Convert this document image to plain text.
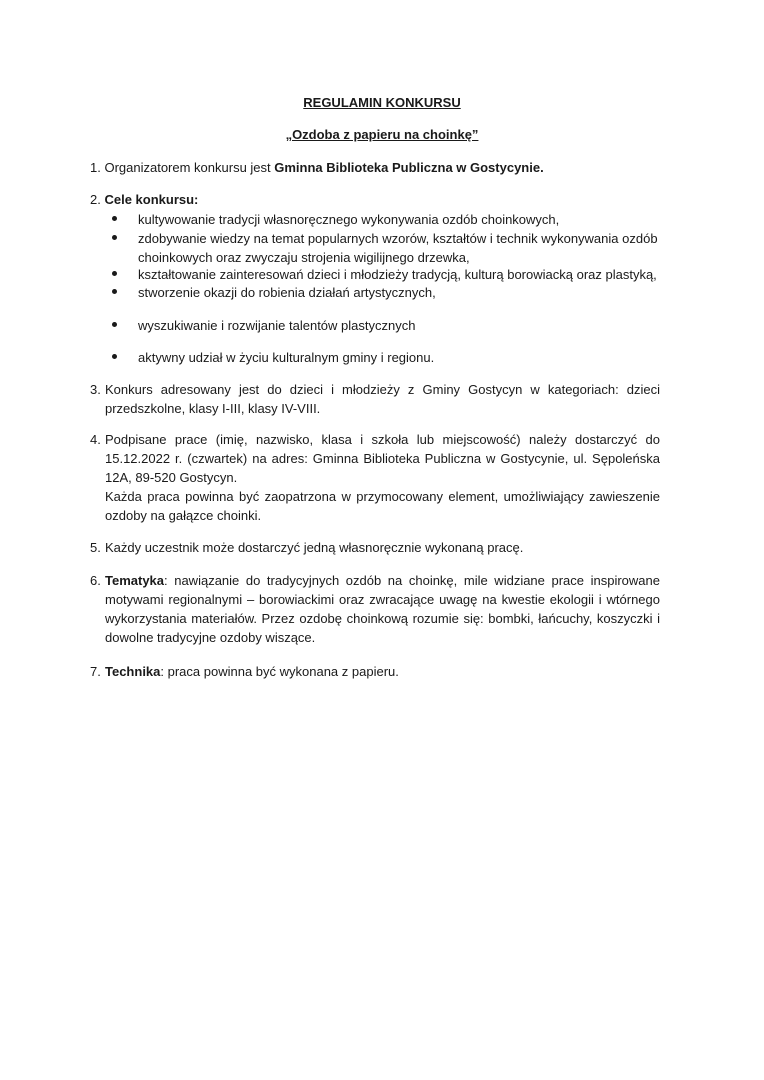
REGULAMIN KONKURSU
„Ozdoba z papieru na choinkę”
1. Organizatorem konkursu jest Gminna Biblioteka Publiczna w Gostycynie.
2. Cele konkursu:
kultywowanie tradycji własnoręcznego wykonywania ozdób choinkowych,
zdobywanie wiedzy na temat popularnych wzorów, kształtów i technik wykonywania ozdób choinkowych oraz zwyczaju strojenia wigilijnego drzewka,
kształtowanie zainteresowań dzieci i młodzieży tradycją, kulturą borowiacką oraz plastyką,
stworzenie okazji do robienia działań artystycznych,
wyszukiwanie i rozwijanie talentów plastycznych
aktywny udział w życiu kulturalnym gminy i regionu.
3. Konkurs adresowany jest do dzieci i młodzieży z Gminy Gostycyn w kategoriach: dzieci przedszkolne, klasy I-III, klasy IV-VIII.
4. Podpisane prace (imię, nazwisko, klasa i szkoła lub miejscowość) należy dostarczyć do 15.12.2022 r. (czwartek) na adres: Gminna Biblioteka Publiczna w Gostycynie, ul. Sępoleńska 12A, 89-520 Gostycyn.
Każda praca powinna być zaopatrzona w przymocowany element, umożliwiający zawieszenie ozdoby na gałązce choinki.
5. Każdy uczestnik może dostarczyć jedną własnoręcznie wykonaną pracę.
6. Tematyka: nawiązanie do tradycyjnych ozdób na choinkę, mile widziane prace inspirowane motywami regionalnymi – borowiackimi oraz zwracające uwagę na kwestie ekologii i wtórnego wykorzystania materiałów. Przez ozdobę choinkową rozumie się: bombki, łańcuchy, koszyczki i dowolne tradycyjne ozdoby wiszące.
7. Technika: praca powinna być wykonana z papieru.
